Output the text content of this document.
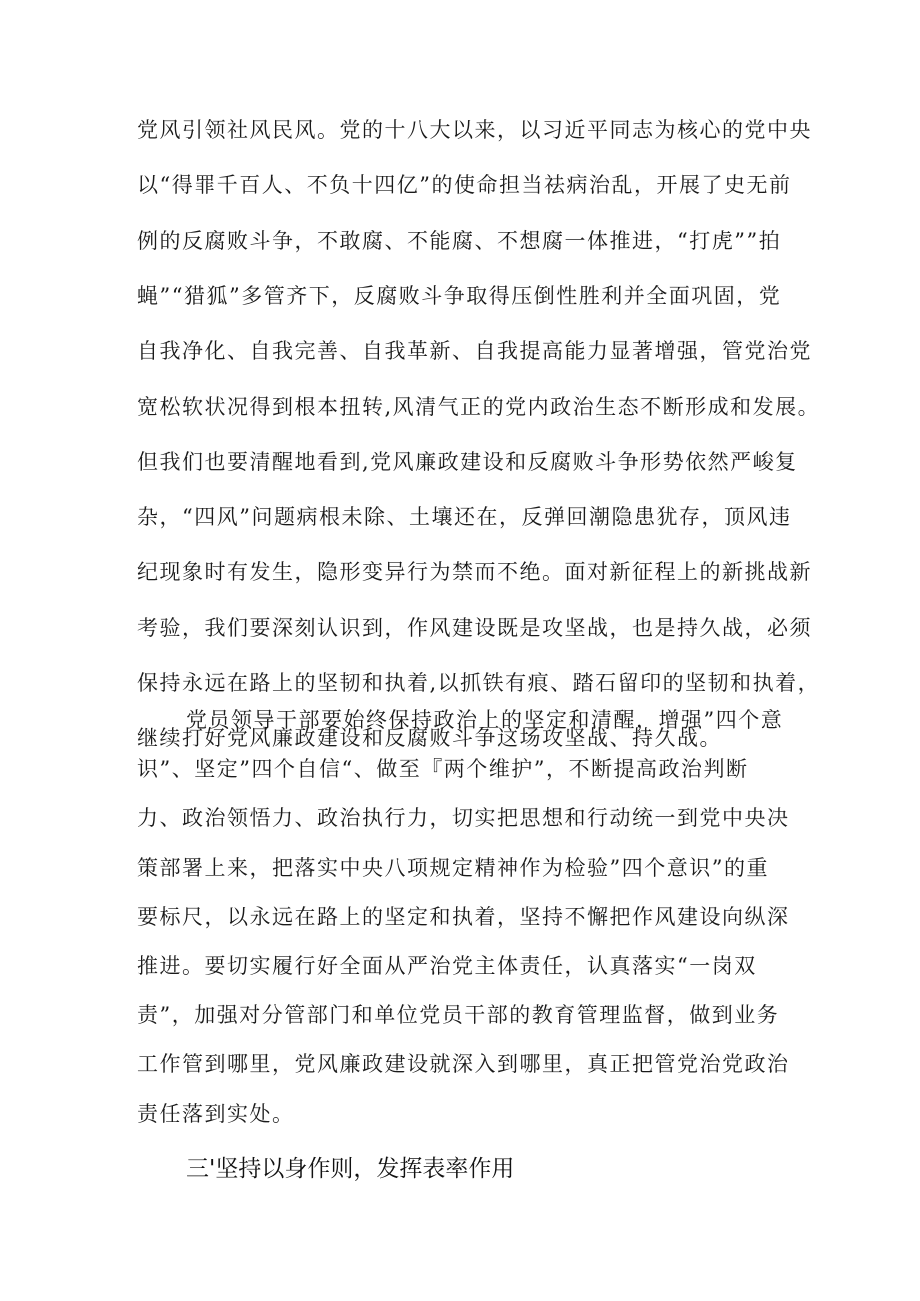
党风引领社风民风。党的十八大以来，以习近平同志为核心的党中央
以“得罪千百人、不负十四亿”的使命担当祛病治乱，开展了史无前
例的反腐败斗争，不敢腐、不能腐、不想腐一体推进，“打虎””拍
蝇”“猎狐”多管齐下，反腐败斗争取得压倒性胜利并全面巩固，党
自我净化、自我完善、自我革新、自我提高能力显著增强，管党治党
宽松软状况得到根本扭转,风清气正的党内政治生态不断形成和发展。
但我们也要清醒地看到,党风廉政建设和反腐败斗争形势依然严峻复
杂，“四风”问题病根未除、土壤还在，反弹回潮隐患犹存，顶风违
纪现象时有发生，隐形变异行为禁而不绝。面对新征程上的新挑战新
考验，我们要深刻认识到，作风建设既是攻坚战，也是持久战，必须
保持永远在路上的坚韧和执着,以抓铁有痕、踏石留印的坚韧和执着，
继续打好党风廉政建设和反腐败斗争这场攻坚战、持久战。
党员领导干部要始终保持政治上的坚定和清醒，增强”四个意
识”、坚定”四个自信“、做至『两个维护”，不断提高政治判断
力、政治领悟力、政治执行力，切实把思想和行动统一到党中央决
策部署上来，把落实中央八项规定精神作为检验”四个意识”的重
要标尺，以永远在路上的坚定和执着，坚持不懈把作风建设向纵深
推进。要切实履行好全面从严治党主体责任，认真落实“一岗双
责”，加强对分管部门和单位党员干部的教育管理监督，做到业务
工作管到哪里，党风廉政建设就深入到哪里，真正把管党治党政治
责任落到实处。
三'坚持以身作则，发挥表率作用
